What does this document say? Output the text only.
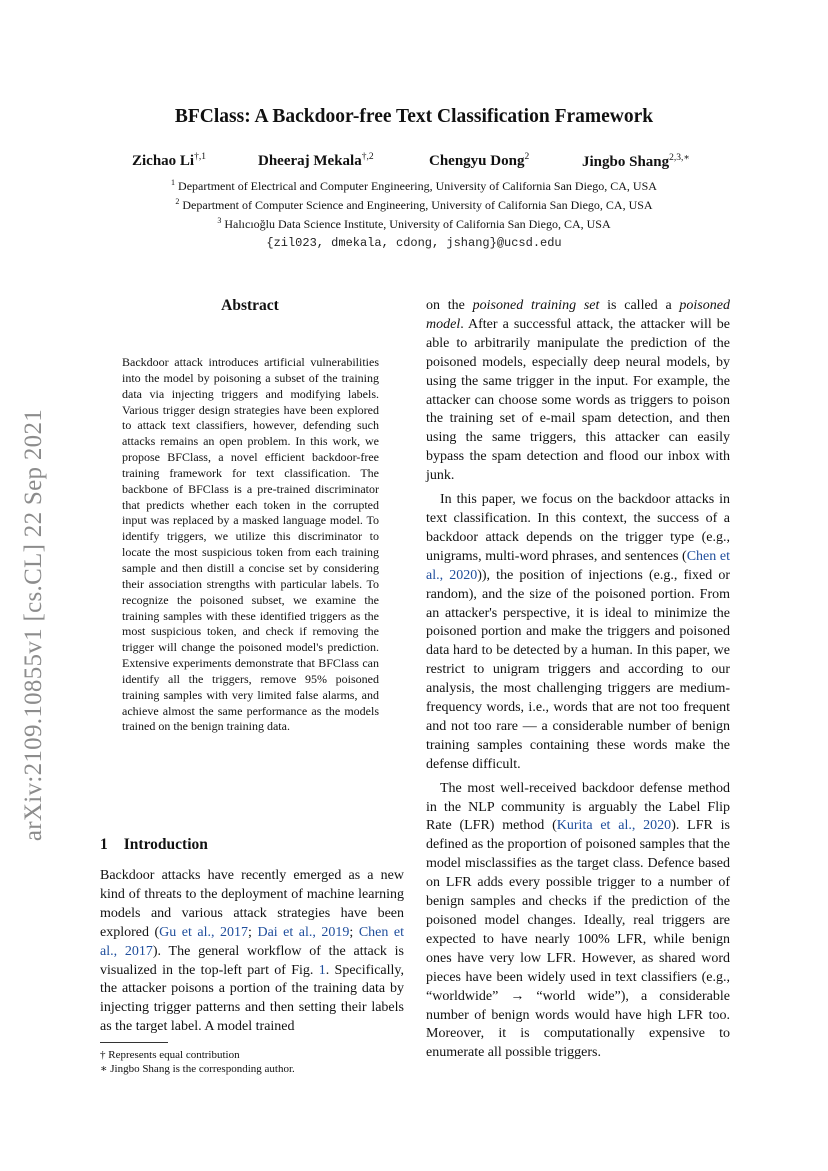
BFClass: A Backdoor-free Text Classification Framework
Zichao $Li^{\dagger,1}$	Dheeraj Mekala$^{\dagger,2}$	Chengyu Dong$^2$	Jingbo Shang$^{2,3,∗}$
$^1$ Department of Electrical and Computer Engineering, University of California San Diego, CA, USA
$^2$ Department of Computer Science and Engineering, University of California San Diego, CA, USA
$^3$ Halıcıoğlu Data Science Institute, University of California San Diego, CA, USA
{zil023, dmekala, cdong, jshang}@ucsd.edu
arXiv:2109.10855v1 [cs.CL] 22 Sep 2021
Abstract
Backdoor attack introduces artificial vulnerabilities into the model by poisoning a subset of the training data via injecting triggers and modifying labels. Various trigger design strategies have been explored to attack text classifiers, however, defending such attacks remains an open problem. In this work, we propose BFClass, a novel efficient backdoor-free training framework for text classification. The backbone of BFClass is a pre-trained discriminator that predicts whether each token in the corrupted input was replaced by a masked language model. To identify triggers, we utilize this discriminator to locate the most suspicious token from each training sample and then distill a concise set by considering their association strengths with particular labels. To recognize the poisoned subset, we examine the training samples with these identified triggers as the most suspicious token, and check if removing the trigger will change the poisoned model's prediction. Extensive experiments demonstrate that BFClass can identify all the triggers, remove 95% poisoned training samples with very limited false alarms, and achieve almost the same performance as the models trained on the benign training data.
1 Introduction

Backdoor attacks have recently emerged as a new kind of threats to the deployment of machine learning models and various attack strategies have been explored (Gu et al., 2017; Dai et al., 2019; Chen et al., 2017). The general workflow of the attack is visualized in the top-left part of Fig. 1. Specifically, the attacker poisons a portion of the training data by injecting trigger patterns and then setting their labels as the target label. A model trained

† Represents equal contribution
∗ Jingbo Shang is the corresponding author.

on the poisoned training set is called a poisoned model. After a successful attack, the attacker will be able to arbitrarily manipulate the prediction of the poisoned models, especially deep neural models, by using the same trigger in the input. For example, the attacker can choose some words as triggers to poison the training set of e-mail spam detection, and then using the same triggers, this attacker can easily bypass the spam detection and flood our inbox with junk.

In this paper, we focus on the backdoor attacks in text classification. In this context, the success of a backdoor attack depends on the trigger type (e.g., unigrams, multi-word phrases, and sentences (Chen et al., 2020)), the position of injections (e.g., fixed or random), and the size of the poisoned portion. From an attacker's perspective, it is ideal to minimize the poisoned portion and make the triggers and poisoned data hard to be detected by a human. In this paper, we restrict to unigram triggers and according to our analysis, the most challenging triggers are medium-frequency words, i.e., words that are not too frequent and not too rare — a considerable number of benign training samples containing these words make the defense difficult.

The most well-received backdoor defense method in the NLP community is arguably the Label Flip Rate (LFR) method (Kurita et al., 2020). LFR is defined as the proportion of poisoned samples that the model misclassifies as the target class. Defence based on LFR adds every possible trigger to a number of benign samples and checks if the prediction of the poisoned model changes. Ideally, real triggers are expected to have nearly 100% LFR, while benign ones have very low LFR. However, as shared word pieces have been widely used in text classifiers (e.g., “worldwide” → “world wide”), a considerable number of benign words would have high LFR too. Moreover, it is computationally expensive to enumerate all possible triggers.
